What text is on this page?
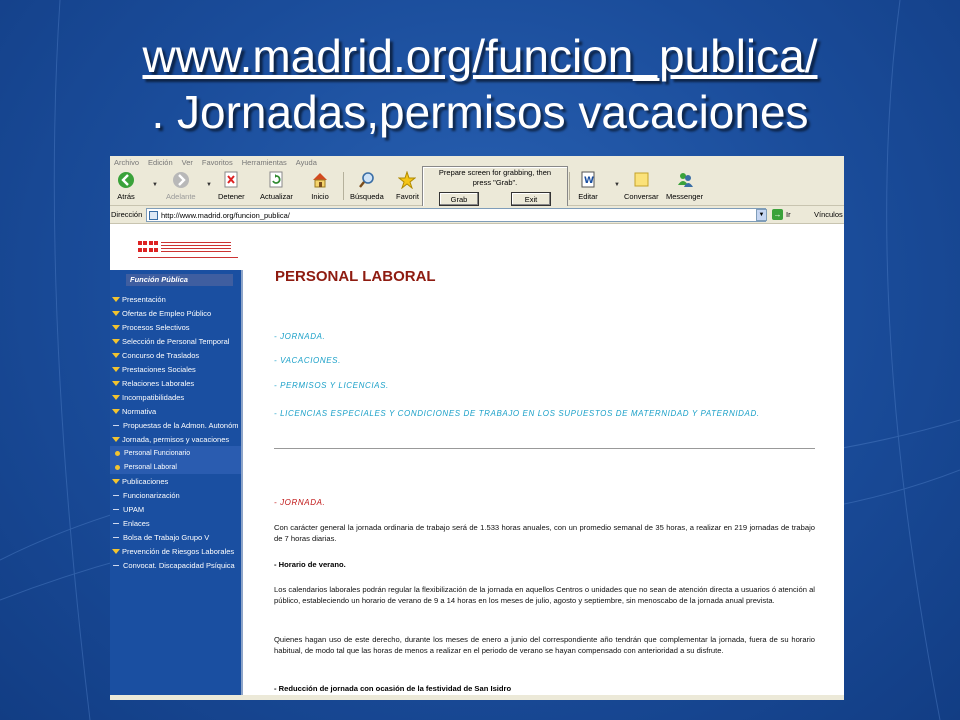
www.madrid.org/funcion_publica/
. Jornadas,permisos vacaciones
Archivo Edición Ver Favoritos Herramientas Ayuda
Atrás
▼
Adelante
▼
Detener Actualizar Inicio	Búsqueda Favorit
Prepare screen for grabbing, then
press "Grab".
Grab	Exit
W
Editar
▼
Conversar Messenger
Dirección http://www.madrid.org/funcion_publica/	▼	→ Ir	Vínculos
Función Pública
Presentación
Ofertas de Empleo Público
Procesos Selectivos
Selección de Personal Temporal
Concurso de Traslados
Prestaciones Sociales
Relaciones Laborales
Incompatibilidades
Normativa
Propuestas de la Admon. Autonóm
Jornada, permisos y vacaciones
Personal Funcionario
Personal Laboral
Publicaciones
Funcionarización
UPAM
Enlaces
Bolsa de Trabajo Grupo V
Prevención de Riesgos Laborales
Convocat. Discapacidad Psíquica
PERSONAL LABORAL
- JORNADA.
- VACACIONES.
- PERMISOS Y LICENCIAS.
- LICENCIAS ESPECIALES Y CONDICIONES DE TRABAJO EN LOS SUPUESTOS DE MATERNIDAD Y PATERNIDAD.
- JORNADA.
Con carácter general la jornada ordinaria de trabajo será de 1.533 horas anuales, con un promedio semanal de 35 horas, a realizar en 219 jornadas de trabajo de 7 horas diarias.
- Horario de verano.
Los calendarios laborales podrán regular la flexibilización de la jornada en aquellos Centros o unidades que no sean de atención directa a usuarios ó atención al público, estableciendo un horario de verano de 9 a 14 horas en los meses de julio, agosto y septiembre, sin menoscabo de la jornada anual prevista.
Quienes hagan uso de este derecho, durante los meses de enero a junio del correspondiente año tendrán que complementar la jornada, fuera de su horario habitual, de modo tal que las horas de menos a realizar en el periodo de verano se hayan compensado con anterioridad a su disfrute.
- Reducción de jornada con ocasión de la festividad de San Isidro
